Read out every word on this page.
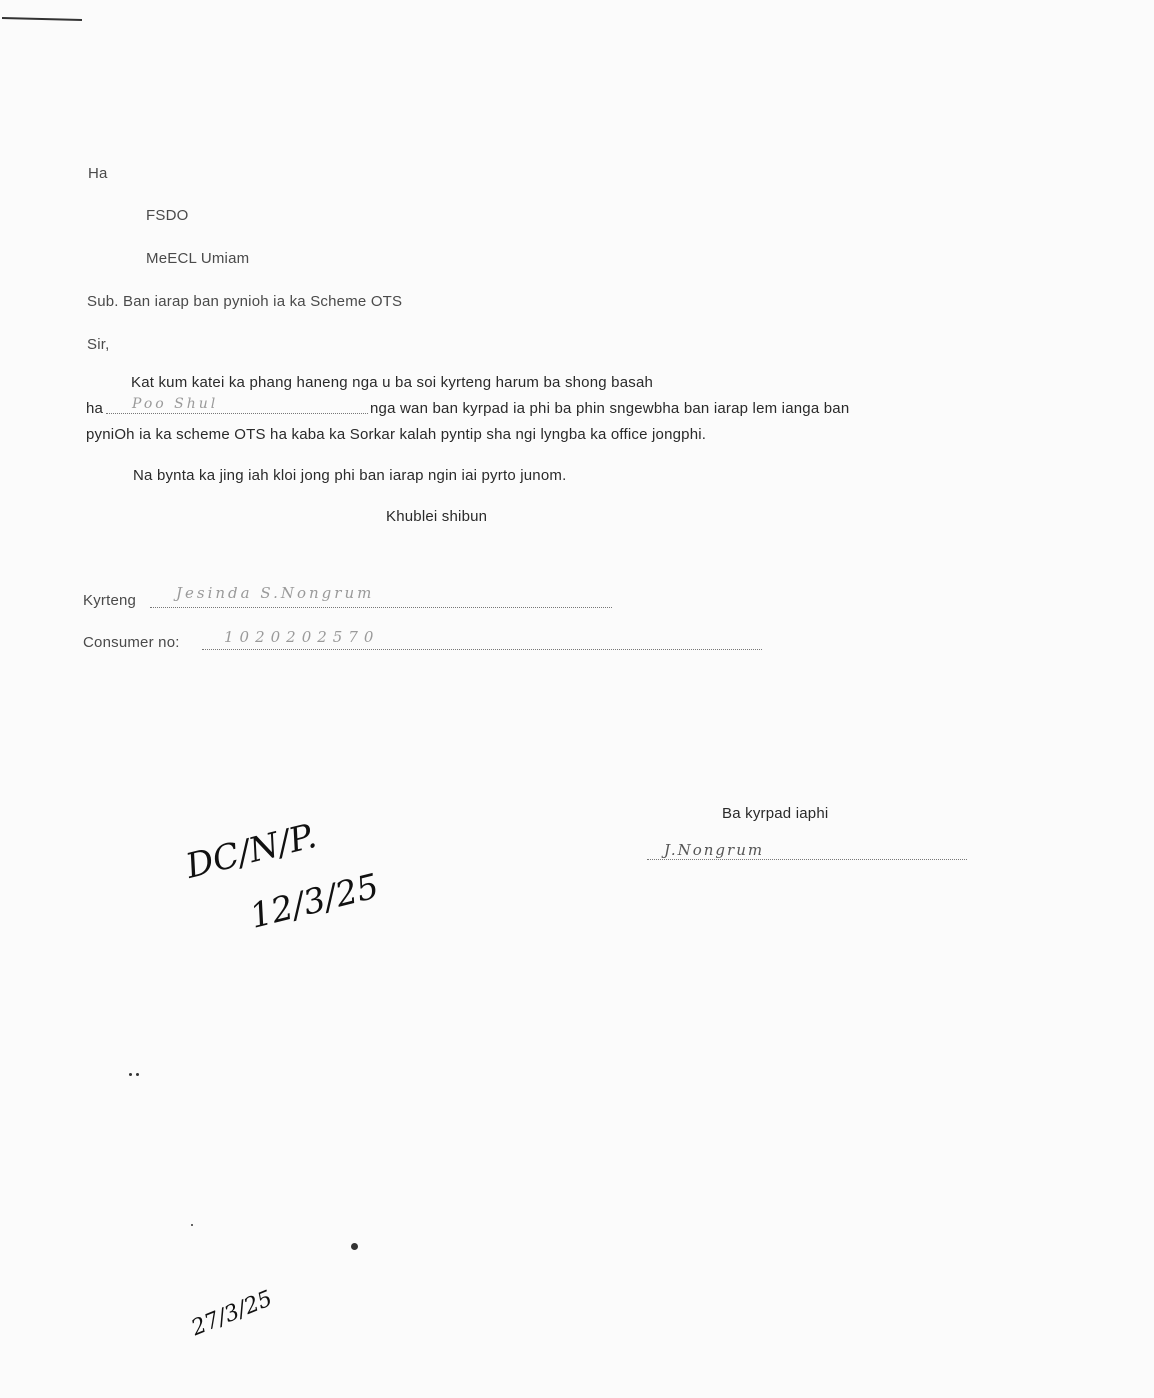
Ha
FSDO
MeECL Umiam
Sub. Ban iarap ban pynioh ia ka Scheme OTS
Sir,
Kat kum katei ka phang haneng nga u ba soi kyrteng harum ba shong basah
ha Poo Shul	nga wan ban kyrpad ia phi ba phin sngewbha ban iarap lem ianga ban
pyniOh ia ka scheme OTS ha kaba ka Sorkar kalah pyntip sha ngi lyngba ka office jongphi.
Na bynta ka jing iah kloi jong phi ban iarap ngin iai pyrto junom.
Khublei shibun
Kyrteng	Jesinda S.Nongrum
Consumer no:	1020202570
Ba kyrpad iaphi
J.Nongrum
DC/N/P.
12/3/25
27/3/25
